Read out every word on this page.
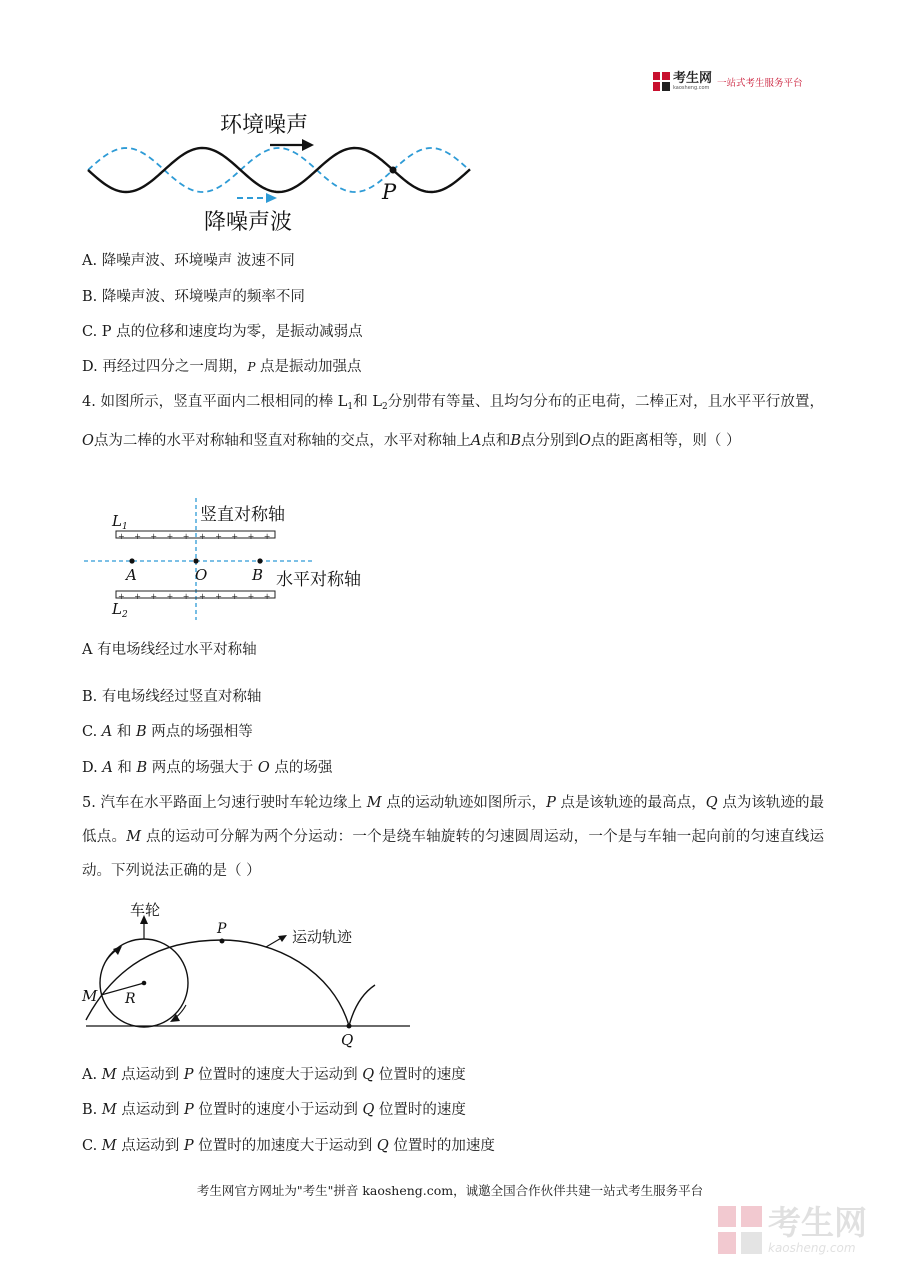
考生网
kaosheng.com 一站式考生服务平台
环境噪声
降噪声波
P
A. 降噪声波、环境噪声 波速不同
B. 降噪声波、环境噪声的频率不同
C. P 点的位移和速度均为零，是振动减弱点
D. 再经过四分之一周期，P 点是振动加强点
4. 如图所示，竖直平面内二根相同的棒 $L_1$和 $L_2$分别带有等量、且均匀分布的正电荷，二棒正对，且水平平行放置，O点为二棒的水平对称轴和竖直对称轴的交点，水平对称轴上A点和B点分别到O点的距离相等，则（ ）
+ + + + + + + + + +
+ + + + + + + + + +
$L_1$
$L_2$
竖直对称轴
水平对称轴
A	O	B
A 有电场线经过水平对称轴
B. 有电场线经过竖直对称轴
C. A 和 B 两点的场强相等
D. A 和 B 两点的场强大于 O 点的场强
5. 汽车在水平路面上匀速行驶时车轮边缘上 M 点的运动轨迹如图所示，P 点是该轨迹的最高点，Q 点为该轨迹的最低点。M 点的运动可分解为两个分运动：一个是绕车轴旋转的匀速圆周运动，一个是与车轴一起向前的匀速直线运动。下列说法正确的是（ ）
车轮
运动轨迹
P
M R
Q
A. M 点运动到 P 位置时的速度大于运动到 Q 位置时的速度
B. M 点运动到 P 位置时的速度小于运动到 Q 位置时的速度
C. M 点运动到 P 位置时的加速度大于运动到 Q 位置时的加速度
考生网官方网址为"考生"拼音 kaosheng.com，诚邀全国合作伙伴共建一站式考生服务平台
考生网
kaosheng.com
